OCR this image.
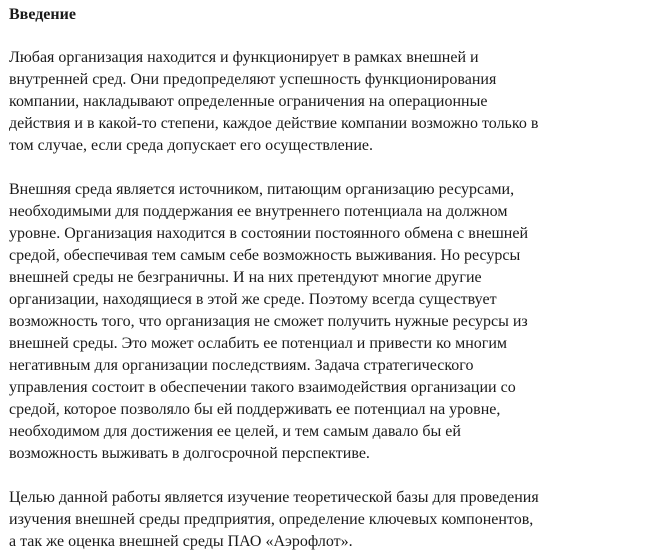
Введение

Любая организация находится и функционирует в рамках внешней и
внутренней сред. Они предопределяют успешность функционирования
компании, накладывают определенные ограничения на операционные
действия и в какой-то степени, каждое действие компании возможно только в
том случае, если среда допускает его осуществление.

Внешняя среда является источником, питающим организацию ресурсами,
необходимыми для поддержания ее внутреннего потенциала на должном
уровне. Организация находится в состоянии постоянного обмена с внешней
средой, обеспечивая тем самым себе возможность выживания. Но ресурсы
внешней среды не безграничны. И на них претендуют многие другие
организации, находящиеся в этой же среде. Поэтому всегда существует
возможность того, что организация не сможет получить нужные ресурсы из
внешней среды. Это может ослабить ее потенциал и привести ко многим
негативным для организации последствиям. Задача стратегического
управления состоит в обеспечении такого взаимодействия организации со
средой, которое позволяло бы ей поддерживать ее потенциал на уровне,
необходимом для достижения ее целей, и тем самым давало бы ей
возможность выживать в долгосрочной перспективе.

Целью данной работы является изучение теоретической базы для проведения
изучения внешней среды предприятия, определение ключевых компонентов,
а так же оценка внешней среды ПАО «Аэрофлот».
